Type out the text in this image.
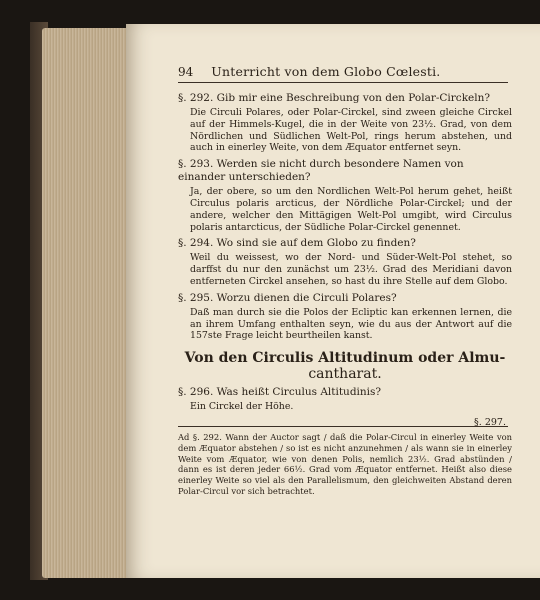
94 Unterricht von dem Globo Cœlesti.
§. 292. Gib mir eine Beschreibung von den Polar-Circkeln?
Die Circuli Polares, oder Polar-Circkel, sind zween gleiche Circkel auf der Himmels-Kugel, die in der Weite von 23½. Grad, von dem Nördlichen und Südlichen Welt-Pol, rings herum abstehen, und auch in einerley Weite, von dem Æquator entfernet seyn.
§. 293. Werden sie nicht durch besondere Namen von einander unterschieden?
Ja, der obere, so um den Nordlichen Welt-Pol herum gehet, heißt Circulus polaris arcticus, der Nördliche Polar-Circkel; und der andere, welcher den Mittägigen Welt-Pol umgibt, wird Circulus polaris antarcticus, der Südliche Polar-Circkel genennet.
§. 294. Wo sind sie auf dem Globo zu finden?
Weil du weissest, wo der Nord- und Süder-Welt-Pol stehet, so darffst du nur den zunächst um 23½. Grad des Meridiani davon entferneten Circkel ansehen, so hast du ihre Stelle auf dem Globo.
§. 295. Worzu dienen die Circuli Polares?
Daß man durch sie die Polos der Ecliptic kan erkennen lernen, die an ihrem Umfang enthalten seyn, wie du aus der Antwort auf die 157ste Frage leicht beurtheilen kanst.
Von den Circulis Altitudinum oder Almu-
cantharat.
§. 296. Was heißt Circulus Altitudinis?
Ein Circkel der Höhe.
§. 297.
Ad §. 292. Wann der Auctor sagt / daß die Polar-Circul in einerley Weite von dem Æquator abstehen / so ist es nicht anzunehmen / als wann sie in einerley Weite vom Æquator, wie von denen Polis, nemlich 23½. Grad abstünden / dann es ist deren jeder 66½. Grad vom Æquator entfernet. Heißt also diese einerley Weite so viel als den Parallelismum, den gleichweiten Abstand deren Polar-Circul vor sich betrachtet.
